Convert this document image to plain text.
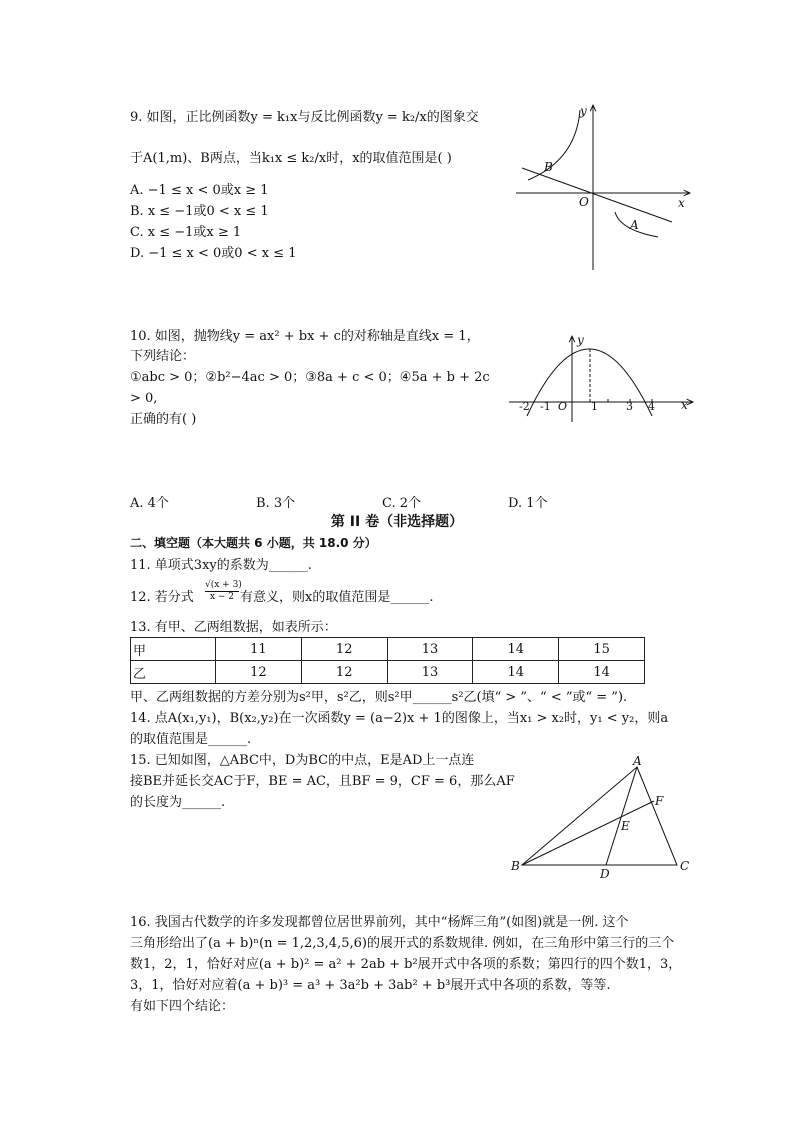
9. 如图，正比例函数y = k₁x与反比例函数y = k₂/x的图象交
于A(1,m)、B两点，当k₁x ≤ k₂/x时，x的取值范围是( )
A. −1 ≤ x < 0或x ≥ 1
B. x ≤ −1或0 < x ≤ 1
C. x ≤ −1或x ≥ 1
D. −1 ≤ x < 0或0 < x ≤ 1
y
x
O
A
B
10. 如图，抛物线y = ax² + bx + c的对称轴是直线x = 1，
下列结论：
①abc > 0；②b²−4ac > 0；③8a + c < 0；④5a + b + 2c
> 0,
正确的有( )
y
x
O
-2 -1	1	3 4
A. 4个	B. 3个	C. 2个	D. 1个
第 II 卷（非选择题）
二、填空题（本大题共 6 小题，共 18.0 分）
11. 单项式3xy的系数为______.
12. 若分式 $\frac{√(x + 3)}{x - 2}$ 有意义，则x的取值范围是______.
13. 有甲、乙两组数据，如表所示：
甲	11	12	13	14	15
乙	12	12	13	14	14
甲、乙两组数据的方差分别为s²甲，s²乙，则s²甲______s²乙(填“ > ”、“ < ”或“ = ”).
14. 点A(x₁,y₁)，B(x₂,y₂)在一次函数y = (a−2)x + 1的图像上，当x₁ > x₂时，y₁ < y₂，则a
的取值范围是______.
15. 已知如图，△ABC中，D为BC的中点，E是AD上一点连
接BE并延长交AC于F，BE = AC，且BF = 9，CF = 6，那么AF
的长度为______.
A
B	C
D
E
F
16. 我国古代数学的许多发现都曾位居世界前列，其中“杨辉三角”(如图)就是一例. 这个
三角形给出了(a + b)ⁿ(n = 1,2,3,4,5,6)的展开式的系数规律. 例如，在三角形中第三行的三个
数1，2，1，恰好对应(a + b)² = a² + 2ab + b²展开式中各项的系数；第四行的四个数1，3，
3，1，恰好对应着(a + b)³ = a³ + 3a²b + 3ab² + b³展开式中各项的系数，等等.
有如下四个结论：
